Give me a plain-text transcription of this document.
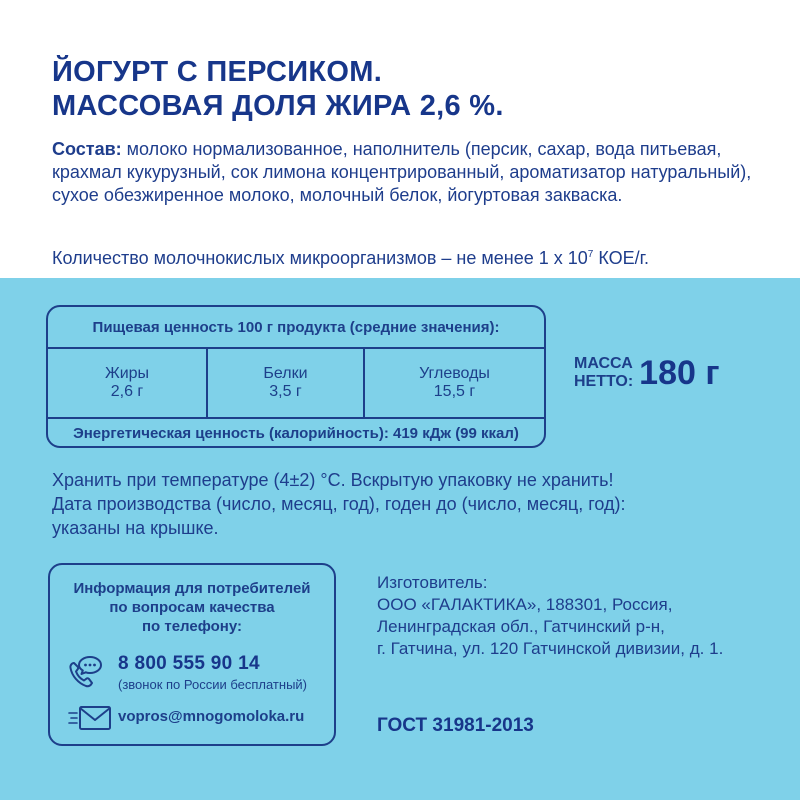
ЙОГУРТ С ПЕРСИКОМ.
МАССОВАЯ ДОЛЯ ЖИРА 2,6 %.
Состав: молоко нормализованное, наполнитель (персик, сахар, вода питьевая, крахмал кукурузный, сок лимона концентрированный, ароматизатор натуральный), сухое обезжиренное молоко, молочный белок, йогуртовая закваска.
Количество молочнокислых микроорганизмов – не менее 1 х $10^7$ КОЕ/г.
Пищевая ценность 100 г продукта (средние значения):
Жиры
2,6 г
Белки
3,5 г
Углеводы
15,5 г
Энергетическая ценность (калорийность): 419 кДж (99 ккал)
МАССА
НЕТТО: 180 г
Хранить при температуре (4±2) °С. Вскрытую упаковку не хранить!
Дата производства (число, месяц, год), годен до (число, месяц, год):
указаны на крышке.
Информация для потребителей
по вопросам качества
по телефону:
8 800 555 90 14
(звонок по России бесплатный)
vopros@mnogomoloka.ru
Изготовитель:
ООО «ГАЛАКТИКА», 188301, Россия,
Ленинградская обл., Гатчинский р-н,
г. Гатчина, ул. 120 Гатчинской дивизии, д. 1.
ГОСТ 31981-2013
